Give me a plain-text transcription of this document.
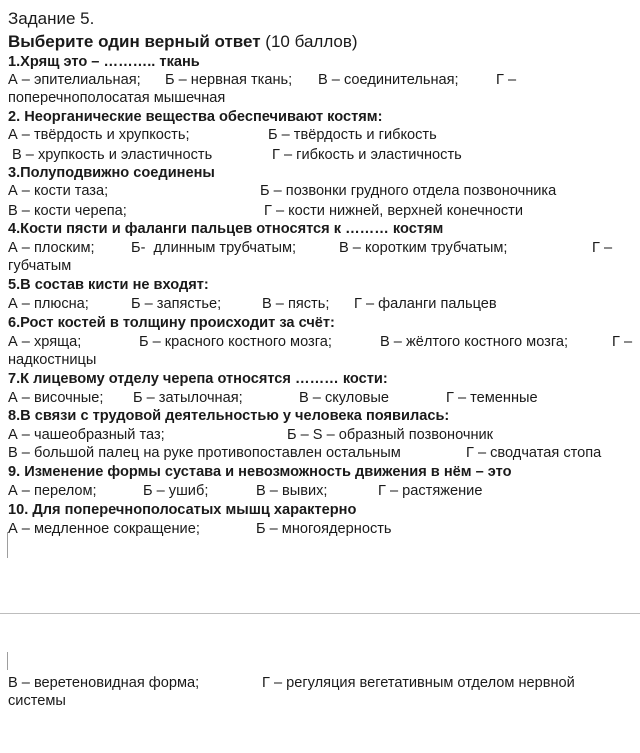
Задание 5.
Выберите один верный ответ (10 баллов)
1.Хрящ это – ……….. ткань
А – эпителиальная; Б – нервная ткань; В – соединительная;	Г –
поперечнополосатая мышечная
2. Неорганические вещества обеспечивают костям:
А – твёрдость и хрупкость;	Б – твёрдость и гибкость
В – хрупкость и эластичность	Г – гибкость и эластичность
3.Полуподвижно соединены
А – кости таза;	Б – позвонки грудного отдела позвоночника
В – кости черепа;	Г – кости нижней, верхней конечности
4.Кости пясти и фаланги пальцев относятся к ……… костям
А – плоским; Б-  длинным трубчатым;	В – коротким трубчатым;	Г –
губчатым
5.В состав кисти не входят:
А – плюсна;	Б – запястье;	В – пясть; Г – фаланги пальцев
6.Рост костей в толщину происходит за счёт:
А – хряща;	Б – красного костного мозга;	В – жёлтого костного мозга;	Г –
надкостницы
7.К лицевому отделу черепа относятся ……… кости:
А – височные; Б – затылочная;	В – скуловые	Г – теменные
8.В связи с трудовой деятельностью у человека появилась:
А – чашеобразный таз;	Б – S – образный позвоночник
В – большой палец на руке противопоставлен остальным	Г – сводчатая стопа
9. Изменение формы сустава и невозможность движения в нём – это
А – перелом;	Б – ушиб;	В – вывих;	Г – растяжение
10. Для поперечнополосатых мышц характерно
А – медленное сокращение;	Б – многоядерность
В – веретеновидная форма;	Г – регуляция вегетативным отделом нервной
системы
